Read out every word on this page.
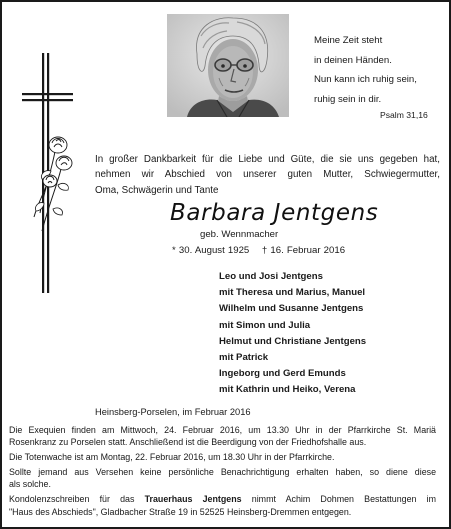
Meine Zeit steht
in deinen Händen.
Nun kann ich ruhig sein,
ruhig sein in dir.
Psalm 31,16
In großer Dankbarkeit für die Liebe und Güte, die sie uns gegeben hat,
nehmen wir Abschied von unserer guten Mutter, Schwiegermutter,
Oma, Schwägerin und Tante
Barbara Jentgens
geb. Wennmacher
* 30. August 1925 † 16. Februar 2016
Leo und Josi Jentgens
mit Theresa und Marius, Manuel
Wilhelm und Susanne Jentgens
mit Simon und Julia
Helmut und Christiane Jentgens
mit Patrick
Ingeborg und Gerd Emunds
mit Kathrin und Heiko, Verena
Heinsberg-Porselen, im Februar 2016
Die Exequien finden am Mittwoch, 24. Februar 2016, um 13.30 Uhr in der Pfarrkirche St. Mariä
Rosenkranz zu Porselen statt. Anschließend ist die Beerdigung von der Friedhofshalle aus.
Die Totenwache ist am Montag, 22. Februar 2016, um 18.30 Uhr in der Pfarrkirche.
Sollte jemand aus Versehen keine persönliche Benachrichtigung erhalten haben, so diene diese
als solche.
Kondolenzschreiben für das Trauerhaus Jentgens nimmt Achim Dohmen Bestattungen im
"Haus des Abschieds", Gladbacher Straße 19 in 52525 Heinsberg-Dremmen entgegen.
